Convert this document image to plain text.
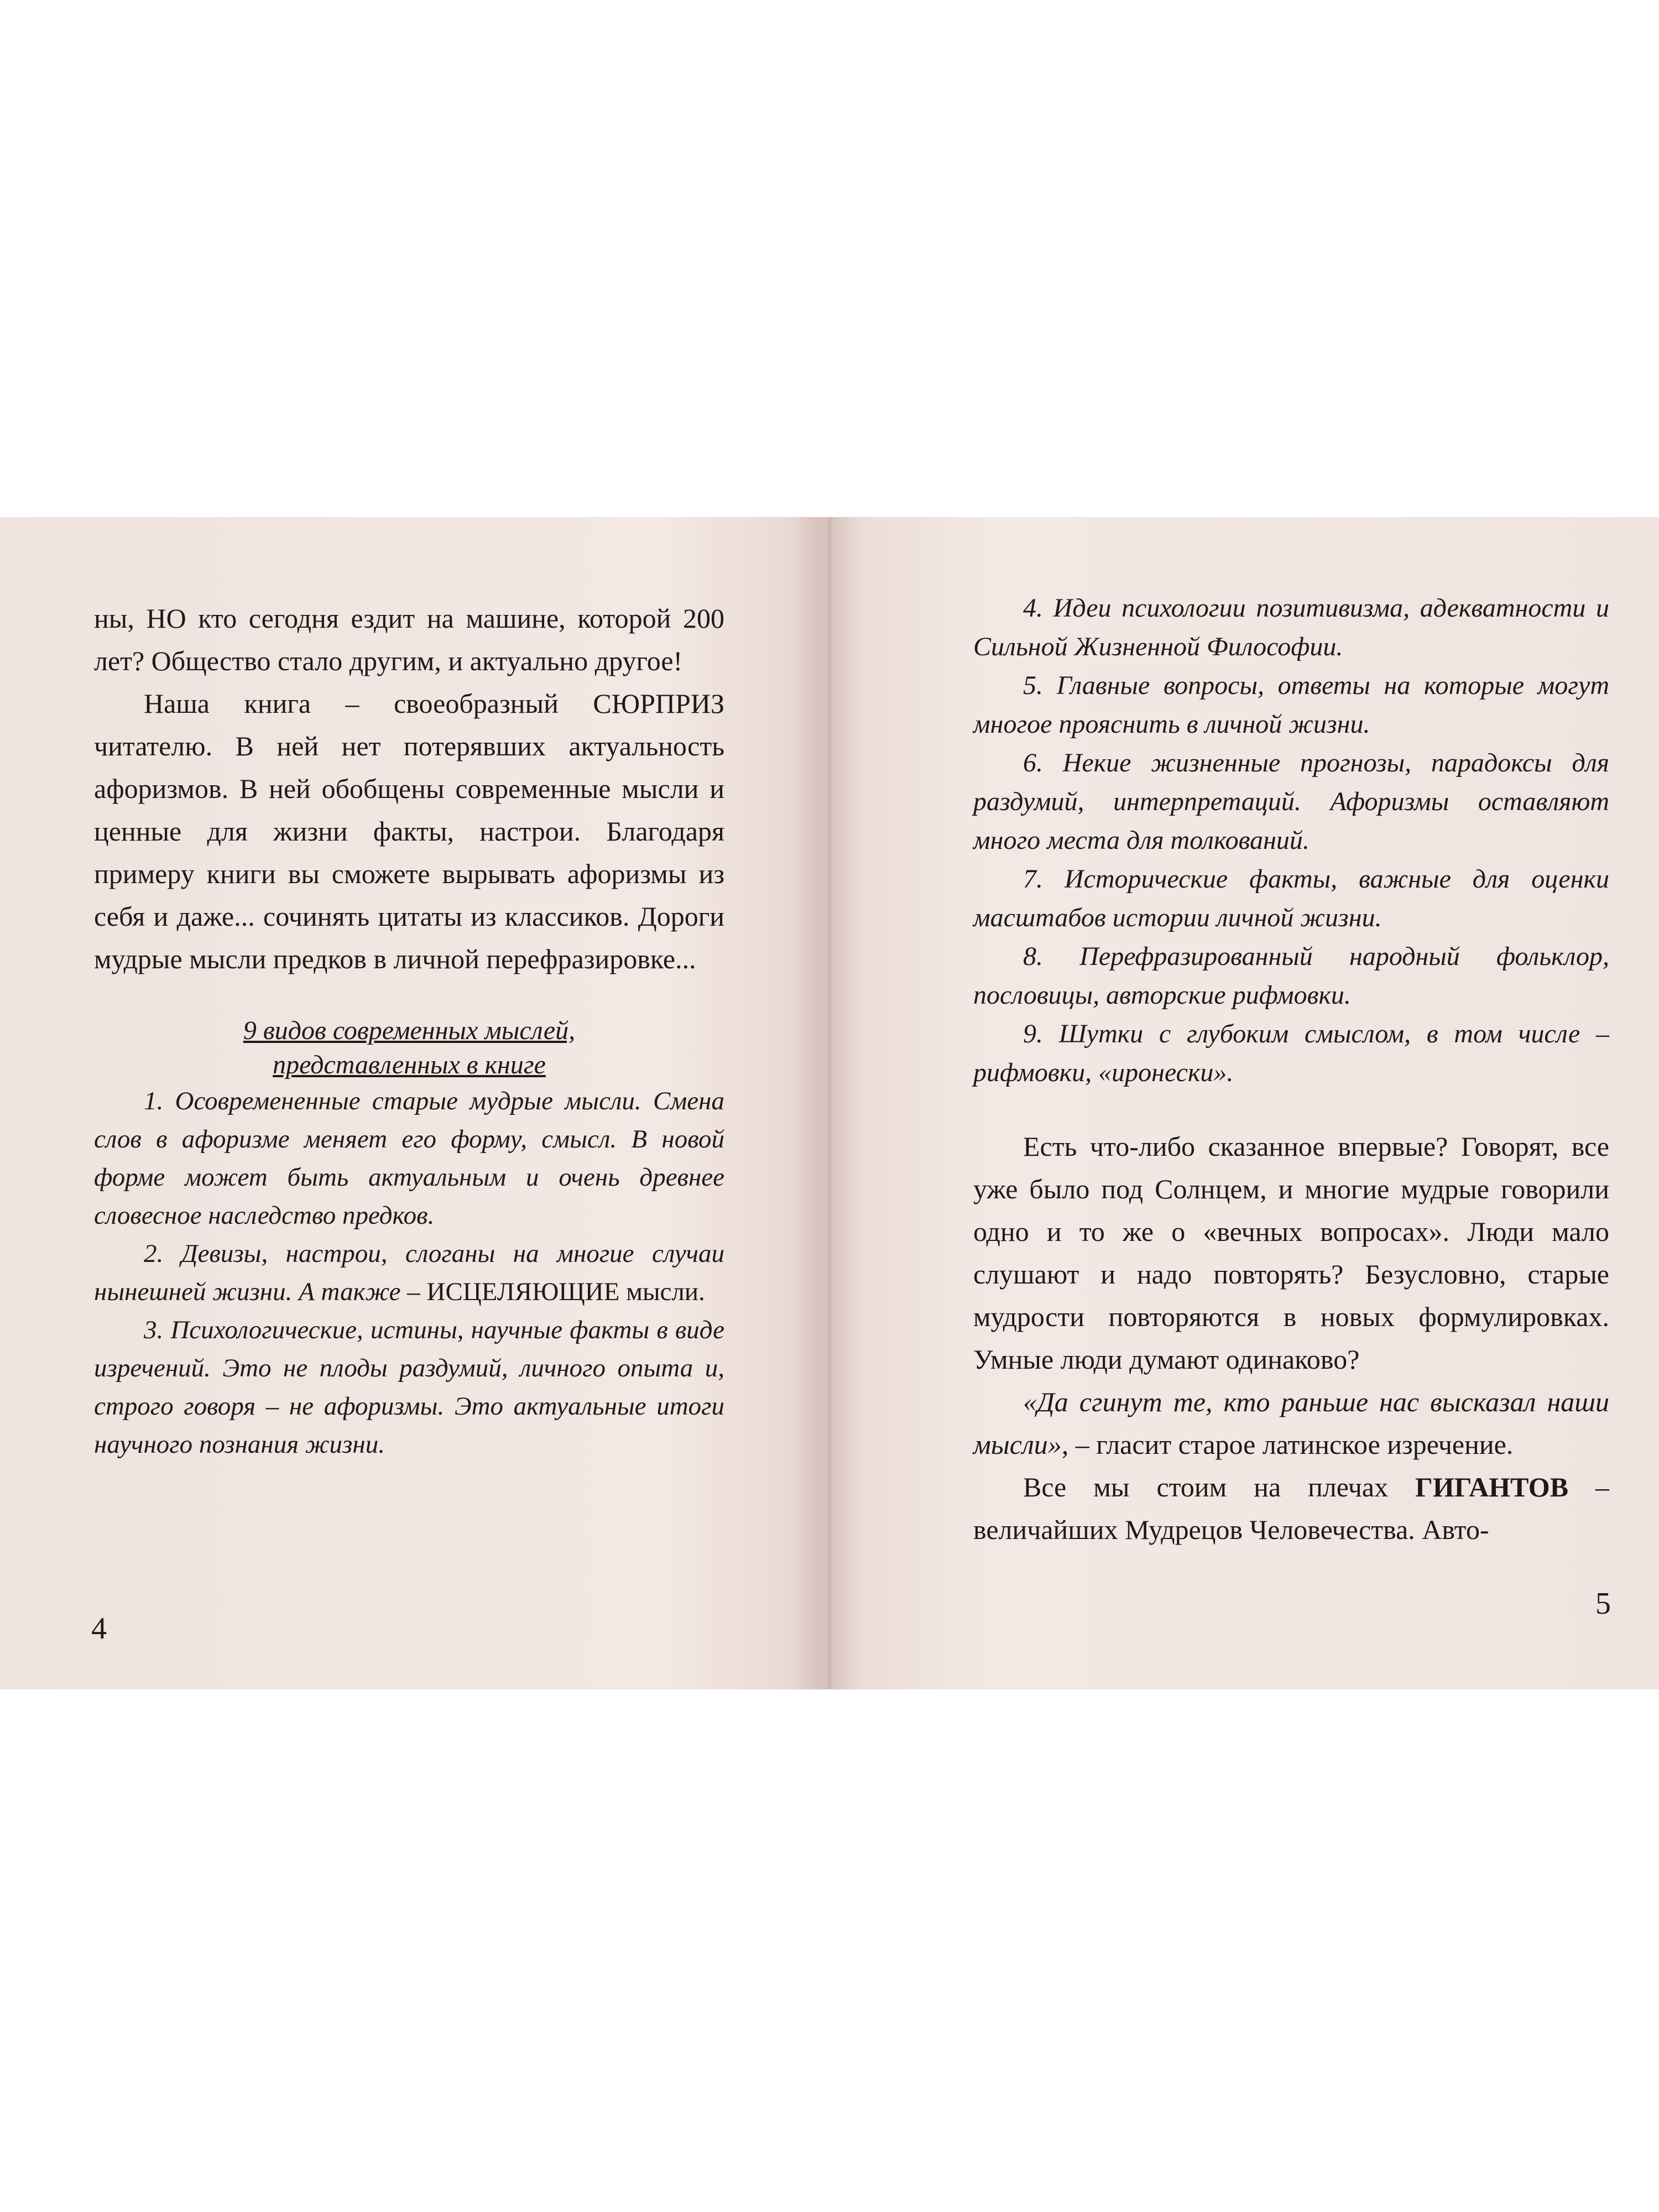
ны, НО кто сегодня ездит на машине, которой 200 лет? Общество стало другим, и актуально другое!

Наша книга – своеобразный СЮРПРИЗ читателю. В ней нет потерявших актуальность афоризмов. В ней обобщены современные мысли и ценные для жизни факты, настрои. Благодаря примеру книги вы сможете вырывать афоризмы из себя и даже... сочинять цитаты из классиков. Дороги мудрые мысли предков в личной перефразировке...

9 видов современных мыслей,
представленных в книге

1. Осовремененные старые мудрые мысли. Смена слов в афоризме меняет его форму, смысл. В новой форме может быть актуальным и очень древнее словесное наследство предков.

2. Девизы, настрои, слоганы на многие случаи нынешней жизни. А также – ИСЦЕЛЯЮЩИЕ мысли.

3. Психологические, истины, научные факты в виде изречений. Это не плоды раздумий, личного опыта и, строго говоря – не афоризмы. Это актуальные итоги научного познания жизни.

4

4. Идеи психологии позитивизма, адекватности и Сильной Жизненной Философии.

5. Главные вопросы, ответы на которые могут многое прояснить в личной жизни.

6. Некие жизненные прогнозы, парадоксы для раздумий, интерпретаций. Афоризмы оставляют много места для толкований.

7. Исторические факты, важные для оценки масштабов истории личной жизни.

8. Перефразированный народный фольклор, пословицы, авторские рифмовки.

9. Шутки с глубоким смыслом, в том числе – рифмовки, «иронески».

Есть что-либо сказанное впервые? Говорят, все уже было под Солнцем, и многие мудрые говорили одно и то же о «вечных вопросах». Люди мало слушают и надо повторять? Безусловно, старые мудрости повторяются в новых формулировках. Умные люди думают одинаково?

«Да сгинут те, кто раньше нас высказал наши мысли», – гласит старое латинское изречение.

Все мы стоим на плечах ГИГАНТОВ – величайших Мудрецов Человечества. Авто-

5
